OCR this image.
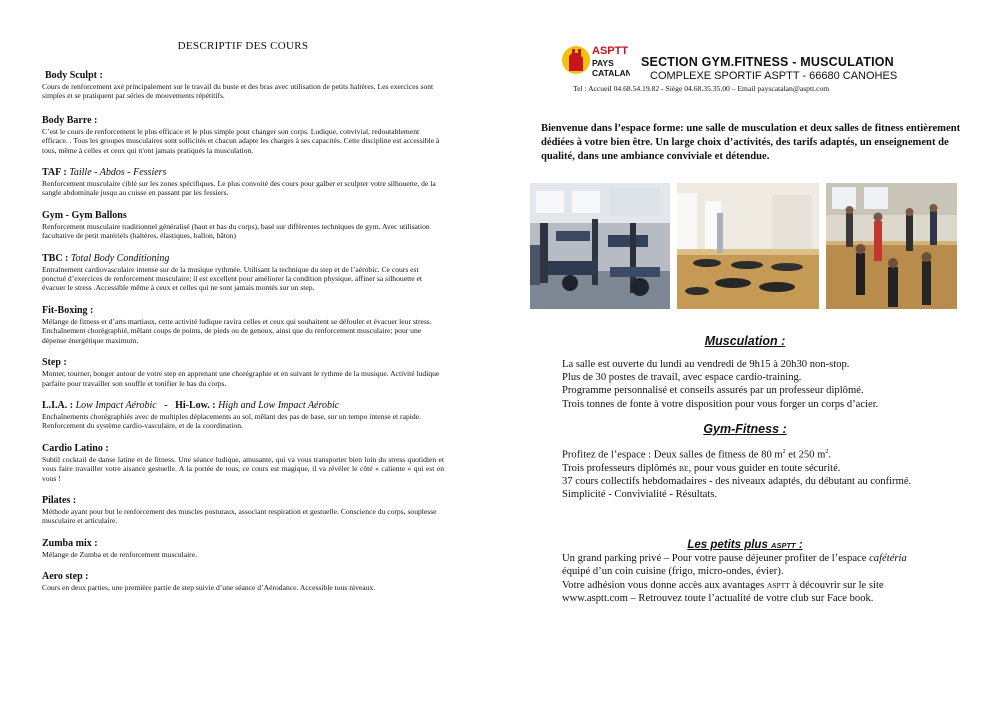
DESCRIPTIF DES COURS
Body Sculpt :

Cours de renforcement axé principalement sur le travail du buste et des bras avec utilisation de petits haltères. Les exercices sont simples et se pratiquent par séries de mouvements répétitifs.

Body Barre :

C’est le cours de renforcement le plus efficace et le plus simple pour changer son corps. Ludique, convivial, redoutablement efficace. . Tous les groupes musculaires sont sollicités et chacun adapte les charges à ses capacités. Cette discipline est accessible à tous, même à celles et ceux qui n'ont jamais pratiqués la musculation.

TAF : Taille - Abdos - Fessiers

Renforcement musculaire ciblé sur les zones spécifiques. Le plus convoité des cours pour galber et sculpter votre silhouette, de la sangle abdominale jusqu au cuisse en passant par les fessiers.

Gym - Gym Ballons

Renforcement musculaire traditionnel généralisé (haut et bas du corps), basé sur différentes techniques de gym. Avec utilisation facultative de petit matériels (haltères, élastiques, ballon, bâton)

TBC : Total Body Conditioning

Entraînement cardiovasculaire intense sur de la musique rythmée. Utilisant la technique du step et de l’aérobic. Ce cours est ponctué d’exercices de renforcement musculaire; il est excellent pour améliorer la condition physique, affiner sa silhouette et évacuer le stress .Accessible même à ceux et celles qui ne sont jamais montés sur un step.

Fit-Boxing :

Mélange de fitness et d’arts martiaux, cette activité ludique ravira celles et ceux qui souhaitent se défouler et évacuer leur stress. Enchaînement chorégraphié, mêlant coups de points, de pieds ou de genoux, ainsi que du renforcement musculaire; pour une dépense énergétique maximum.

Step :

Monter, tourner, bouger autour de votre step en apprenant une chorégraphie et en suivant le rythme de la musique. Activité ludique parfaite pour travailler son souffle et tonifier le bas du corps.

L.I.A. : Low Impact Aérobic   -   Hi-Low. : High and Low Impact Aérobic

Enchaînements chorégraphiés avec de multiples déplacements au sol, mêlant des pas de base, sur un tempo intense et rapide. Renforcement du système cardio-vasculaire, et de la coordination.

Cardio Latino :

Subtil cocktail de danse latine et de fitness. Une séance ludique, amusante, qui va vous transporter bien loin du stress quotidien et vous faire travailler votre aisance gestuelle. A la portée de tous, ce cours est magique, il va révéler le côté « caliente » qui est en vous !

Pilates :

Méthode ayant pour but le renforcement des muscles posturaux, associant respiration et gestuelle. Conscience du corps, souplesse musculaire et articulaire.

Zumba mix :

Mélange de Zumba et de renforcement musculaire.

Aero step :

Cours en deux parties, une première partie de step suivie d’une séance d’Aérodance. Accessible tous niveaux.

ASPTT
PAYS
CATALAN
SECTION GYM.FITNESS - MUSCULATION
COMPLEXE SPORTIF ASPTT - 66680 CANOHES
Tel : Accueil 04.68.54.19.82 - Siège 04.68.35.35.00 – Email payscatalan@asptt.com
Bienvenue dans l’espace forme: une salle de musculation et deux salles de fitness entièrement dédiées à votre bien être. Un large choix d’activités, des tarifs adaptés, un enseignement de qualité, dans une ambiance conviviale et détendue.

Musculation :

La salle est ouverte du lundi au vendredi de 9h15 à 20h30 non-stop.

Plus de 30 postes de travail, avec espace cardio-training.

Programme personnalisé et conseils assurés par un professeur diplômé.

Trois tonnes de fonte à votre disposition pour vous forger un corps d’acier.

Gym-Fitness :

Profitez de l’espace : Deux salles de fitness de 80 $m^2$ et 250 $m^2$.

Trois professeurs diplômés BE, pour vous guider en toute sécurité.

37 cours collectifs hebdomadaires - des niveaux adaptés, du débutant au confirmé.

Simplicité - Convivialité - Résultats.

Les petits plus ASPTT :

Un grand parking privé – Pour votre pause déjeuner profiter de l’espace cafétéria

équipé d’un coin cuisine (frigo, micro-ondes, évier).

Votre adhésion vous donne accès aux avantages ASPTT à découvrir sur le site

www.asptt.com – Retrouvez toute l’actualité de votre club sur Face book.
